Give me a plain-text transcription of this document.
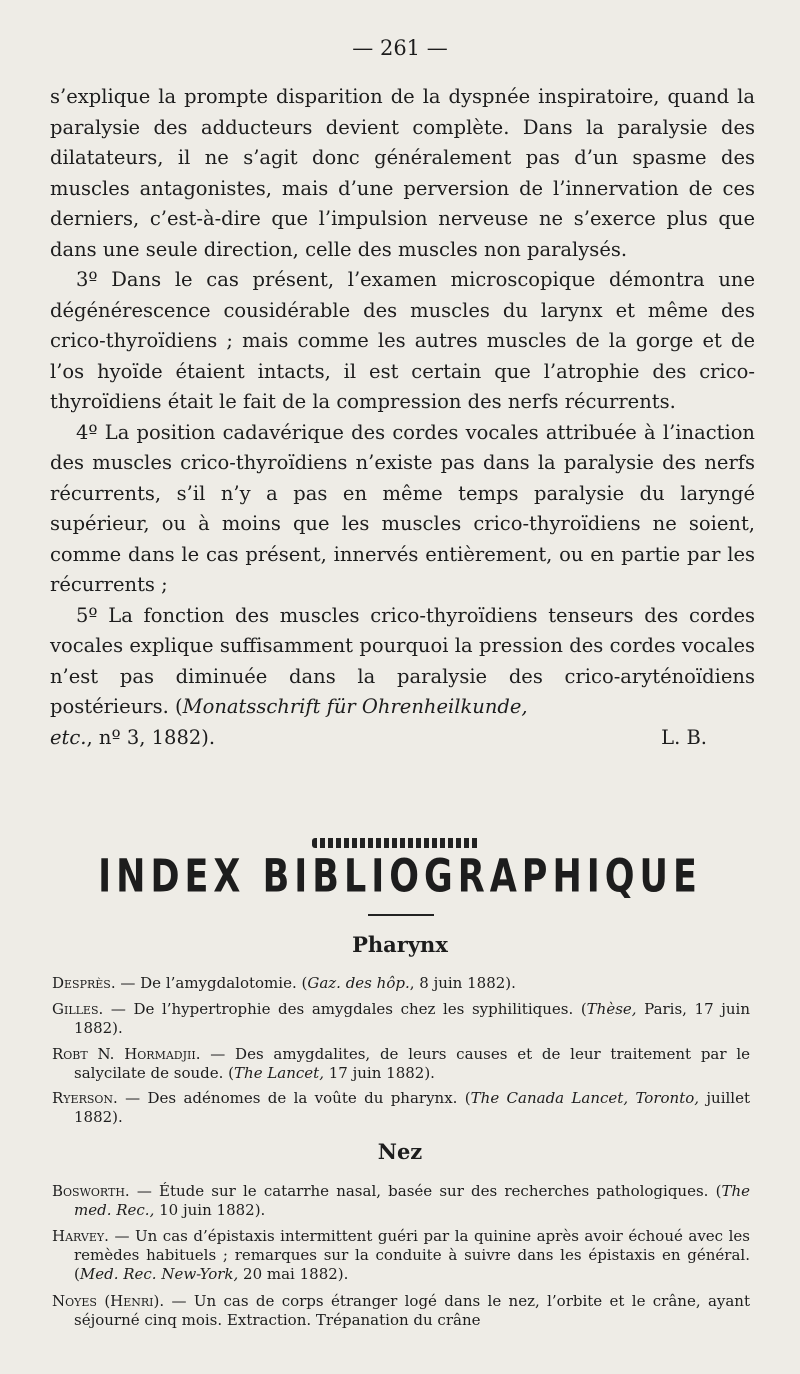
— 261 —

s’explique la prompte disparition de la dyspnée inspiratoire, quand la paralysie des adducteurs devient complète. Dans la paralysie des dilatateurs, il ne s’agit donc généralement pas d’un spasme des muscles antagonistes, mais d’une perversion de l’innervation de ces derniers, c’est-à-dire que l’impulsion nerveuse ne s’exerce plus que dans une seule direction, celle des muscles non paralysés.

3º Dans le cas présent, l’examen microscopique démontra une dégénérescence cousidérable des muscles du larynx et même des crico-thyroïdiens ; mais comme les autres muscles de la gorge et de l’os hyoïde étaient intacts, il est certain que l’atrophie des crico-thyroïdiens était le fait de la compression des nerfs récurrents.

4º La position cadavérique des cordes vocales attribuée à l’inaction des muscles crico-thyroïdiens n’existe pas dans la paralysie des nerfs récurrents, s’il n’y a pas en même temps paralysie du laryngé supérieur, ou à moins que les muscles crico-thyroïdiens ne soient, comme dans le cas présent, innervés entièrement, ou en partie par les récurrents ;

5º La fonction des muscles crico-thyroïdiens tenseurs des cordes vocales explique suffisamment pourquoi la pression des cordes vocales n’est pas diminuée dans la paralysie des crico-aryténoïdiens postérieurs. (Monatsschrift für Ohrenheilkunde,

etc., nº 3, 1882).	L. B.
INDEX BIBLIOGRAPHIQUE
Pharynx

Desprès. — De l’amygdalotomie. (Gaz. des hôp., 8 juin 1882).

Gilles. — De l’hypertrophie des amygdales chez les syphilitiques. (Thèse, Paris, 17 juin 1882).

Robt N. Hormadjii. — Des amygdalites, de leurs causes et de leur traitement par le salycilate de soude. (The Lancet, 17 juin 1882).

Ryerson. — Des adénomes de la voûte du pharynx. (The Canada Lancet, Toronto, juillet 1882).

Nez

Bosworth. — Étude sur le catarrhe nasal, basée sur des recherches pathologiques. (The med. Rec., 10 juin 1882).

Harvey. — Un cas d’épistaxis intermittent guéri par la quinine après avoir échoué avec les remèdes habituels ; remarques sur la conduite à suivre dans les épistaxis en général. (Med. Rec. New-York, 20 mai 1882).

Noyes (Henri). — Un cas de corps étranger logé dans le nez, l’orbite et le crâne, ayant séjourné cinq mois. Extraction. Trépanation du crâne
